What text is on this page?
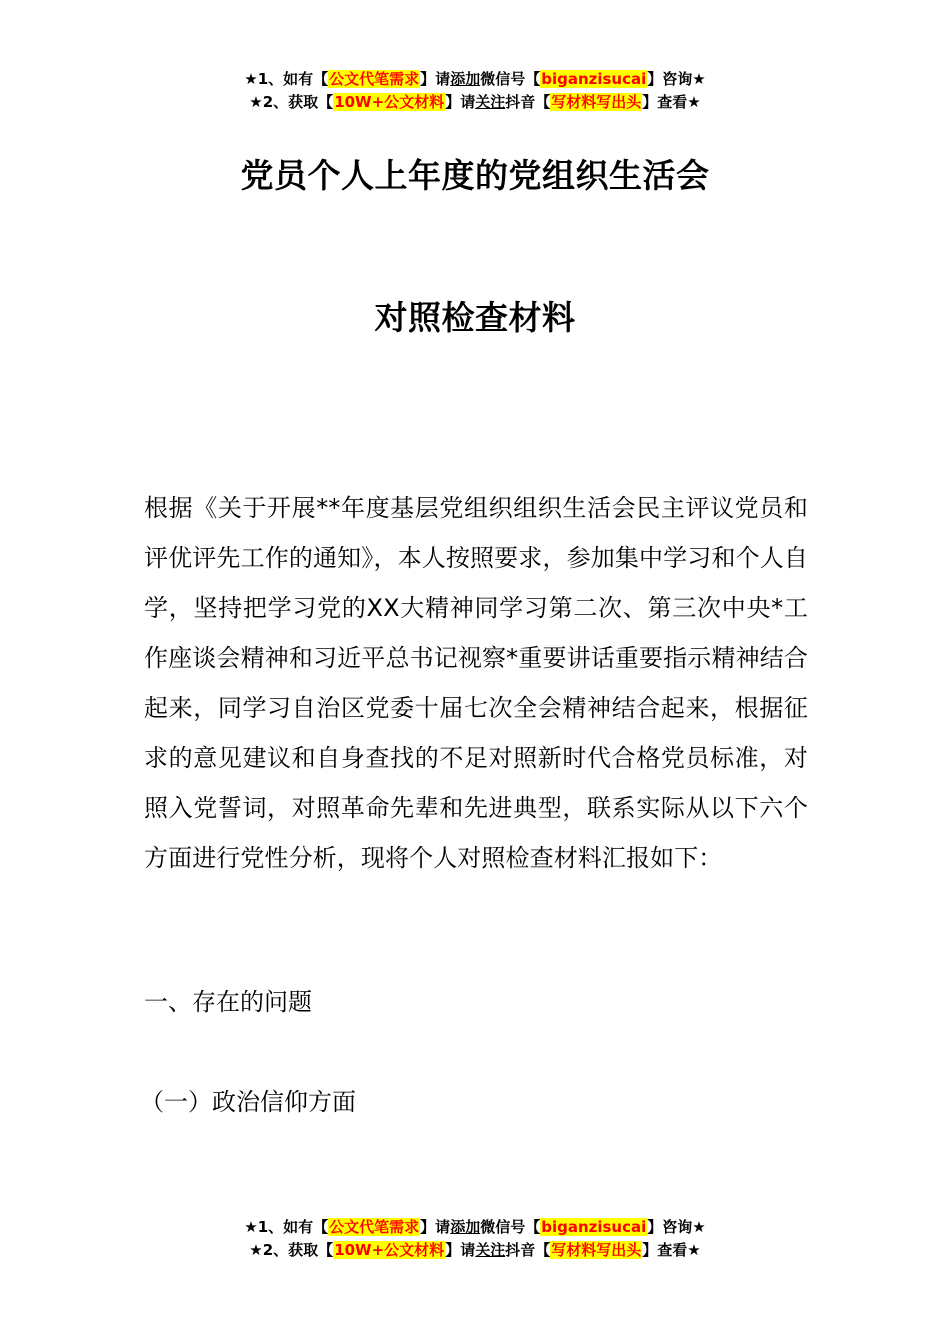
★1、如有【公文代笔需求】请添加微信号【biganzisucai】咨询★
★2、获取【10W+公文材料】请关注抖音【写材料写出头】查看★
党员个人上年度的党组织生活会
对照检查材料
根据《关于开展**年度基层党组织组织生活会民主评议党员和评优评先工作的通知》，本人按照要求，参加集中学习和个人自学，坚持把学习党的XX大精神同学习第二次、第三次中央*工作座谈会精神和习近平总书记视察*重要讲话重要指示精神结合起来，同学习自治区党委十届七次全会精神结合起来，根据征求的意见建议和自身查找的不足对照新时代合格党员标准，对照入党誓词，对照革命先辈和先进典型，联系实际从以下六个方面进行党性分析，现将个人对照检查材料汇报如下：
一、存在的问题
（一）政治信仰方面
★1、如有【公文代笔需求】请添加微信号【biganzisucai】咨询★
★2、获取【10W+公文材料】请关注抖音【写材料写出头】查看★
